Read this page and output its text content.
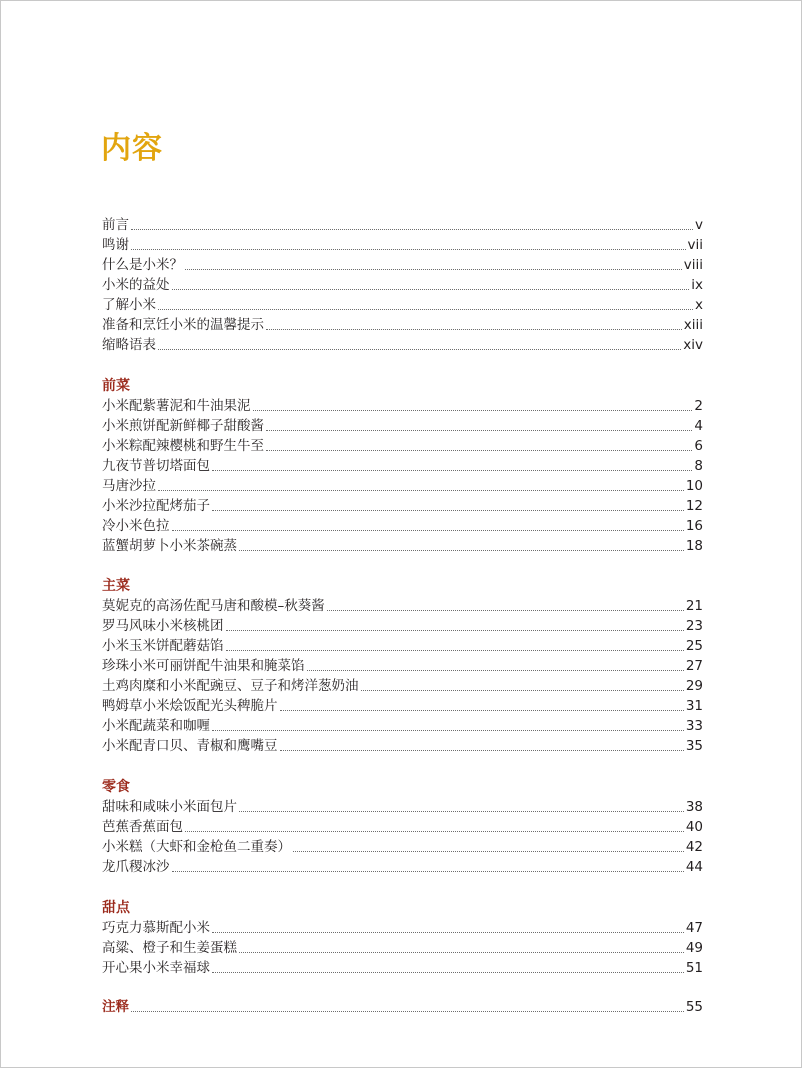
内容
前言	v
鸣谢	vii
什么是小米？	viii
小米的益处	ix
了解小米	x
准备和烹饪小米的温馨提示	xiii
缩略语表	xiv
前菜
小米配紫薯泥和牛油果泥	2
小米煎饼配新鲜椰子甜酸酱	4
小米粽配辣樱桃和野生牛至	6
九夜节普切塔面包	8
马唐沙拉	10
小米沙拉配烤茄子	12
冷小米色拉	16
蓝蟹胡萝卜小米茶碗蒸	18
主菜
莫妮克的高汤佐配马唐和酸模–秋葵酱	21
罗马风味小米核桃团	23
小米玉米饼配蘑菇馅	25
珍珠小米可丽饼配牛油果和腌菜馅	27
土鸡肉糜和小米配豌豆、豆子和烤洋葱奶油	29
鸭姆草小米烩饭配光头稗脆片	31
小米配蔬菜和咖喱	33
小米配青口贝、青椒和鹰嘴豆	35
零食
甜味和咸味小米面包片	38
芭蕉香蕉面包	40
小米糕（大虾和金枪鱼二重奏）	42
龙爪稷冰沙	44
甜点
巧克力慕斯配小米	47
高粱、橙子和生姜蛋糕	49
开心果小米幸福球	51
注释	55
